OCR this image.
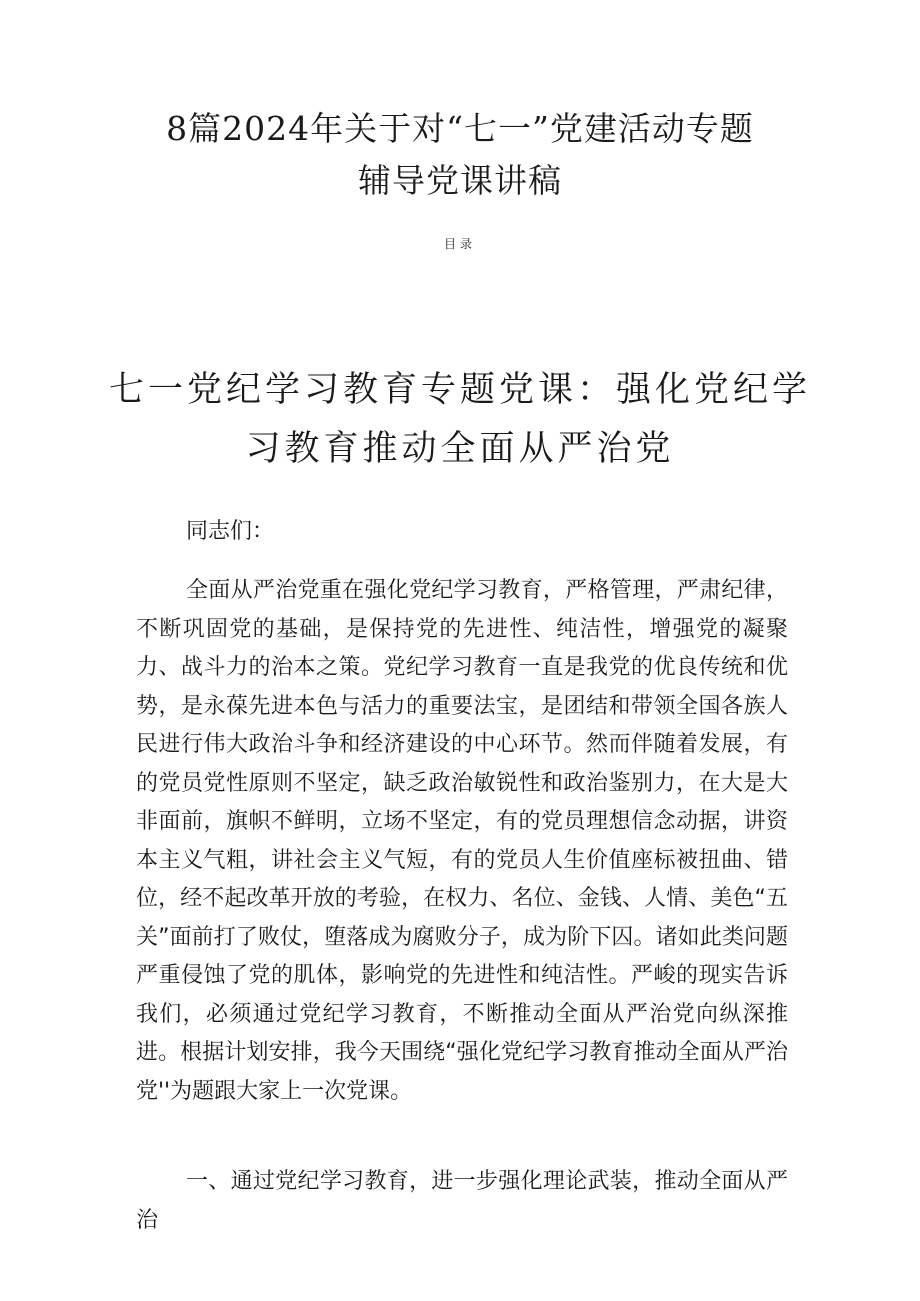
8篇2024年关于对“七一”党建活动专题
辅导党课讲稿
目录
七一党纪学习教育专题党课：强化党纪学
习教育推动全面从严治党
同志们：

全面从严治党重在强化党纪学习教育，严格管理，严肃纪律，不断巩固党的基础，是保持党的先进性、纯洁性，增强党的凝聚力、战斗力的治本之策。党纪学习教育一直是我党的优良传统和优势，是永葆先进本色与活力的重要法宝，是团结和带领全国各族人民进行伟大政治斗争和经济建设的中心环节。然而伴随着发展，有的党员党性原则不坚定，缺乏政治敏锐性和政治鉴别力，在大是大非面前，旗帜不鲜明，立场不坚定，有的党员理想信念动据，讲资本主义气粗，讲社会主义气短，有的党员人生价值座标被扭曲、错位，经不起改革开放的考验，在权力、名位、金钱、人情、美色“五关”面前打了败仗，堕落成为腐败分子，成为阶下囚。诸如此类问题严重侵蚀了党的肌体，影响党的先进性和纯洁性。严峻的现实告诉我们，必须通过党纪学习教育，不断推动全面从严治党向纵深推进。根据计划安排，我今天围绕“强化党纪学习教育推动全面从严治党''为题跟大家上一次党课。

一、通过党纪学习教育，进一步强化理论武装，推动全面从严治
